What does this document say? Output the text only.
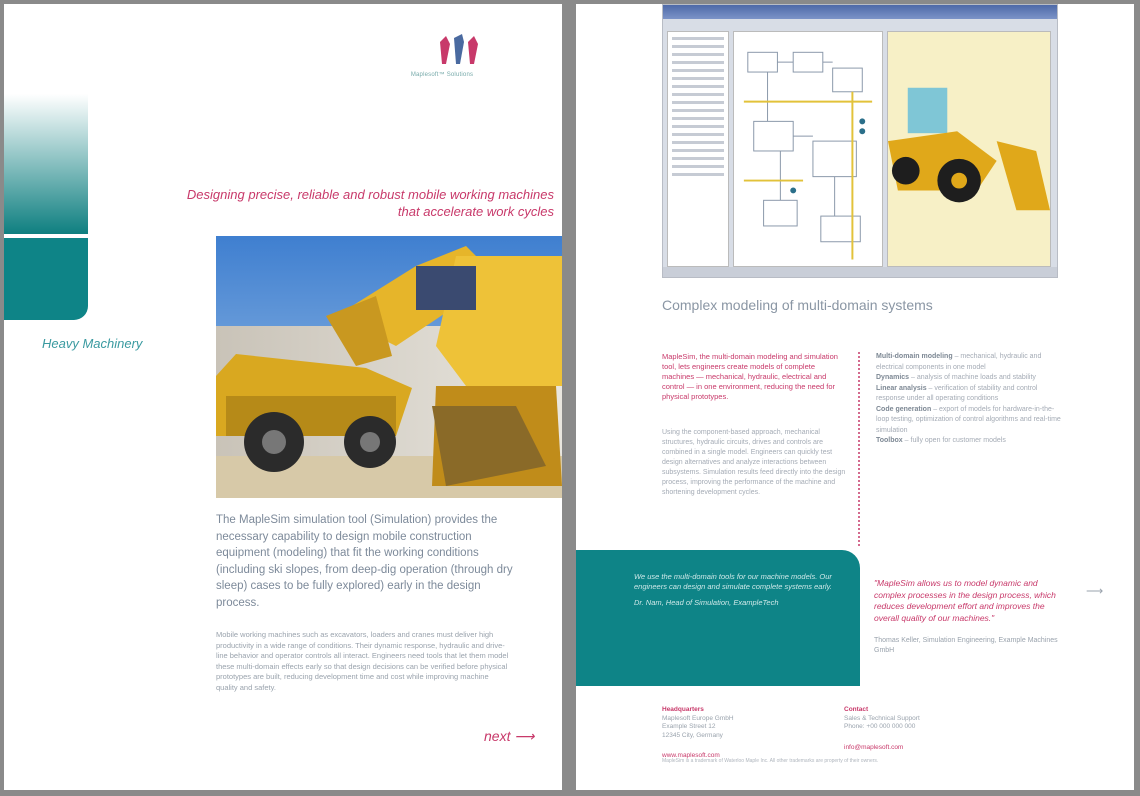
Maplesoft™ Solutions
Heavy Machinery
Designing precise, reliable and robust mobile working machines that accelerate work cycles
The MapleSim simulation tool (Simulation) provides the necessary capability to design mobile construction equipment (modeling) that fit the working conditions (including ski slopes, from deep-dig operation (through dry sleep) cases to be fully explored) early in the design process.
Mobile working machines such as excavators, loaders and cranes must deliver high productivity in a wide range of conditions. Their dynamic response, hydraulic and drive-line behavior and operator controls all interact. Engineers need tools that let them model these multi-domain effects early so that design decisions can be verified before physical prototypes are built, reducing development time and cost while improving machine quality and safety.
next ⟶
Complex modeling of multi-domain systems
MapleSim, the multi-domain modeling and simulation tool, lets engineers create models of complete machines — mechanical, hydraulic, electrical and control — in one environment, reducing the need for physical prototypes.
Using the component-based approach, mechanical structures, hydraulic circuits, drives and controls are combined in a single model. Engineers can quickly test design alternatives and analyze interactions between subsystems. Simulation results feed directly into the design process, improving the performance of the machine and shortening development cycles.
Multi-domain modeling – mechanical, hydraulic and electrical components in one model
Dynamics – analysis of machine loads and stability
Linear analysis – verification of stability and control response under all operating conditions
Code generation – export of models for hardware-in-the-loop testing, optimization of control algorithms and real-time simulation
Toolbox – fully open for customer models

We use the multi-domain tools for our machine models. Our engineers can design and simulate complete systems early.

Dr. Nam, Head of Simulation, ExampleTech

"MapleSim allows us to model dynamic and complex processes in the design process, which reduces development effort and improves the overall quality of our machines."
Thomas Keller, Simulation Engineering, Example Machines GmbH
⟶
Headquarters
Maplesoft Europe GmbH
Example Street 12
12345 City, Germany
www.maplesoft.com
Contact
Sales & Technical Support
Phone: +00 000 000 000
info@maplesoft.com
MapleSim is a trademark of Waterloo Maple Inc. All other trademarks are property of their owners.
